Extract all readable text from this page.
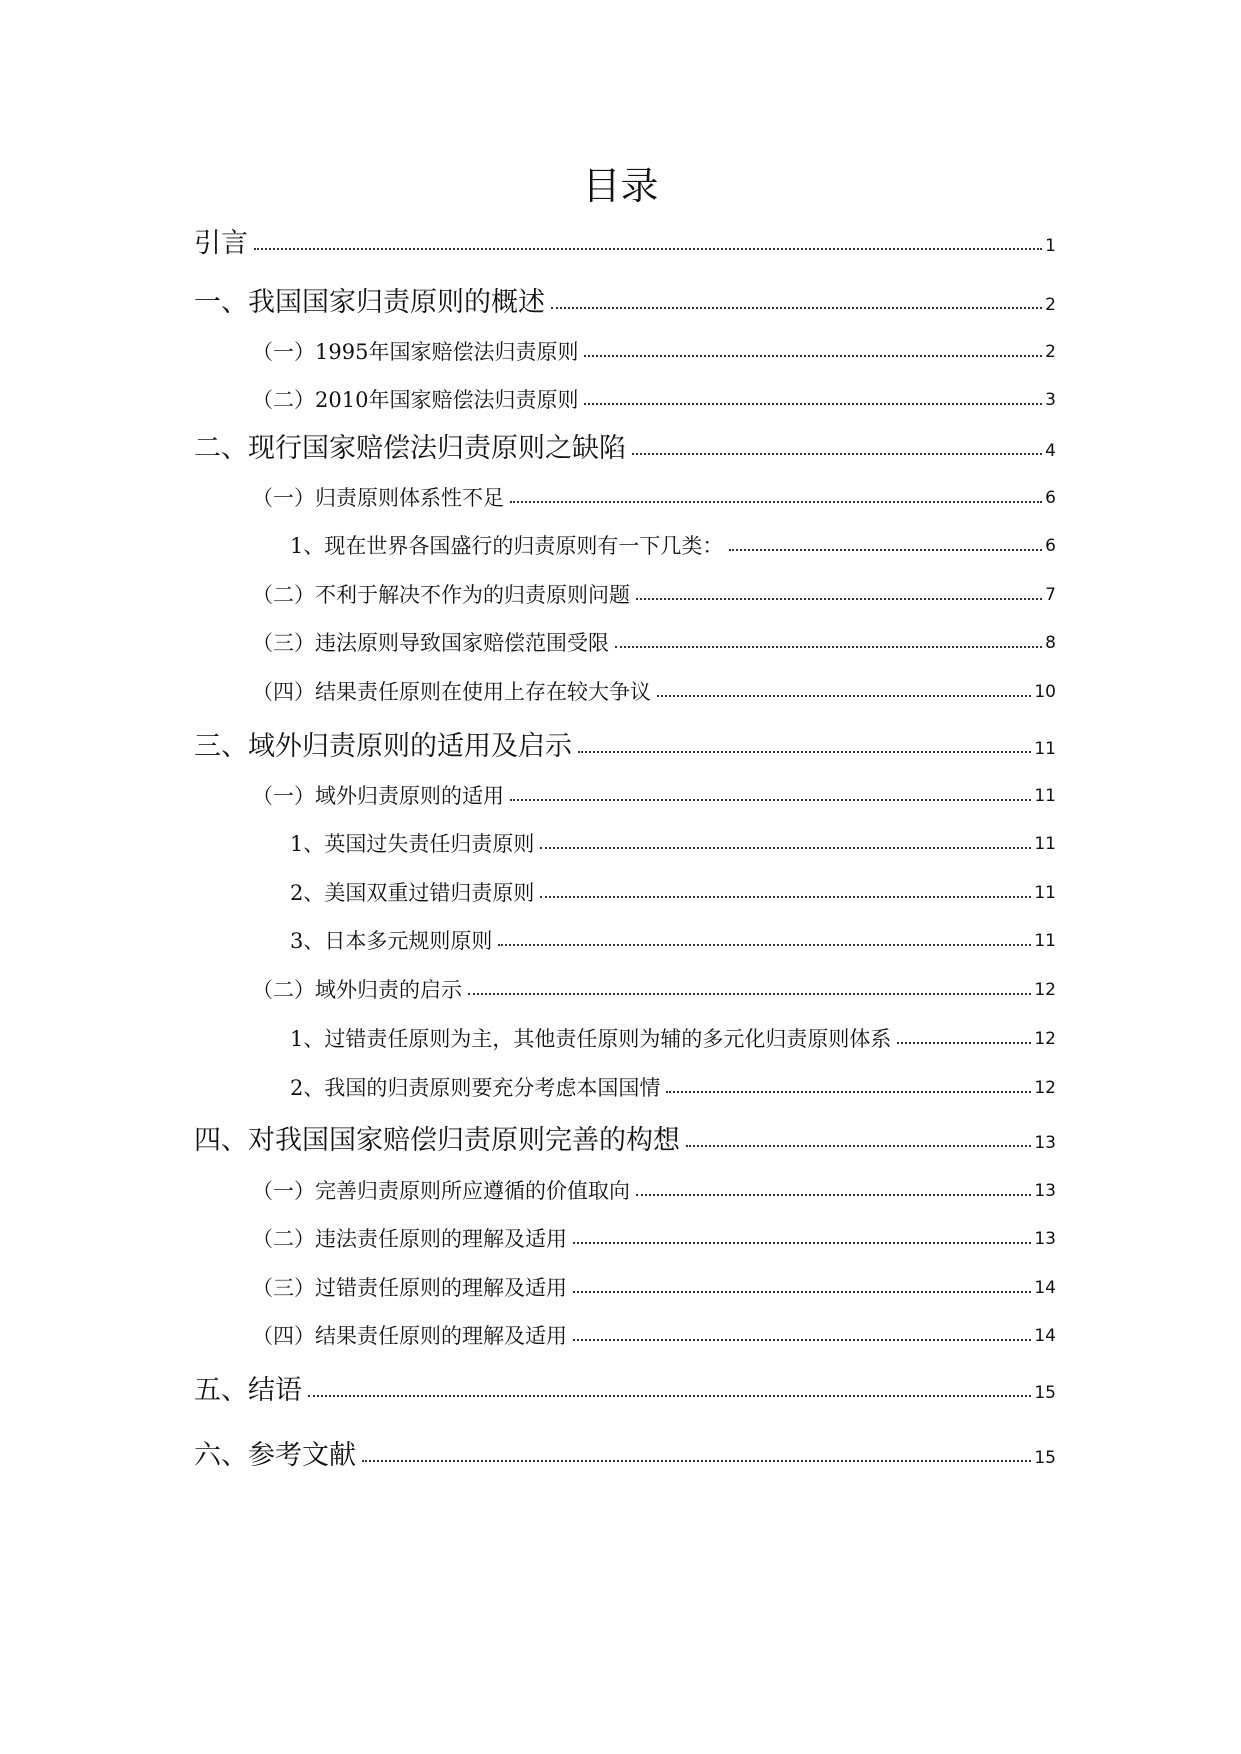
目录
引言	1
一、我国国家归责原则的概述	2
（一）1995年国家赔偿法归责原则	2
（二）2010年国家赔偿法归责原则	3
二、现行国家赔偿法归责原则之缺陷	4
（一）归责原则体系性不足	6
1、现在世界各国盛行的归责原则有一下几类：	6
（二）不利于解决不作为的归责原则问题	7
（三）违法原则导致国家赔偿范围受限	8
（四）结果责任原则在使用上存在较大争议	10
三、域外归责原则的适用及启示	11
（一）域外归责原则的适用	11
1、英国过失责任归责原则	11
2、美国双重过错归责原则	11
3、日本多元规则原则	11
（二）域外归责的启示	12
1、过错责任原则为主，其他责任原则为辅的多元化归责原则体系	12
2、我国的归责原则要充分考虑本国国情	12
四、对我国国家赔偿归责原则完善的构想	13
（一）完善归责原则所应遵循的价值取向	13
（二）违法责任原则的理解及适用	13
（三）过错责任原则的理解及适用	14
（四）结果责任原则的理解及适用	14
五、结语	15
六、参考文献	15
